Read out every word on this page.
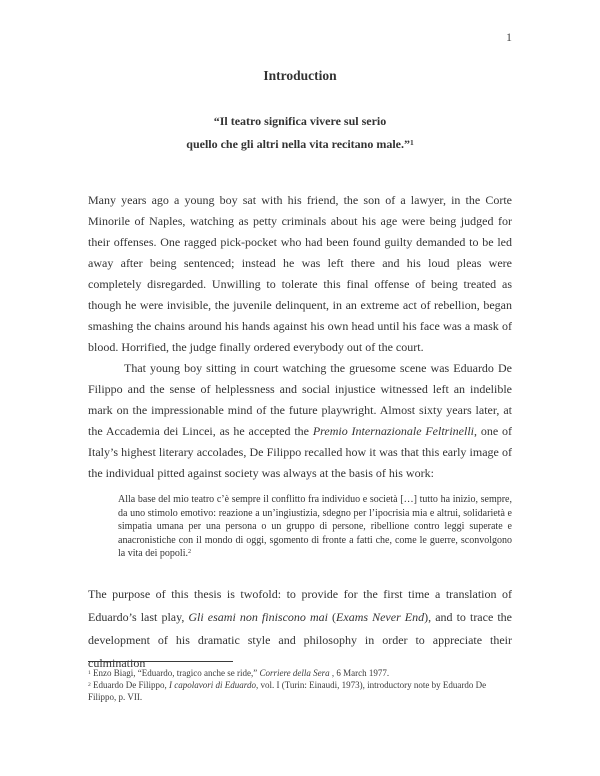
1
Introduction
“Il teatro significa vivere sul serio
quello che gli altri nella vita recitano male.”$^1$

Many years ago a young boy sat with his friend, the son of a lawyer, in the Corte Minorile of Naples, watching as petty criminals about his age were being judged for their offenses. One ragged pick-pocket who had been found guilty demanded to be led away after being sentenced; instead he was left there and his loud pleas were completely disregarded. Unwilling to tolerate this final offense of being treated as though he were invisible, the juvenile delinquent, in an extreme act of rebellion, began smashing the chains around his hands against his own head until his face was a mask of blood. Horrified, the judge finally ordered everybody out of the court.

That young boy sitting in court watching the gruesome scene was Eduardo De Filippo and the sense of helplessness and social injustice witnessed left an indelible mark on the impressionable mind of the future playwright. Almost sixty years later, at the Accademia dei Lincei, as he accepted the Premio Internazionale Feltrinelli, one of Italy’s highest literary accolades, De Filippo recalled how it was that this early image of the individual pitted against society was always at the basis of his work:

Alla base del mio teatro c’è sempre il conflitto fra individuo e società […] tutto ha inizio, sempre, da uno stimolo emotivo: reazione a un’ingiustizia, sdegno per l’ipocrisia mia e altrui, solidarietà e simpatia umana per una persona o un gruppo di persone, ribellione contro leggi superate e anacronistiche con il mondo di oggi, sgomento di fronte a fatti che, come le guerre, sconvolgono la vita dei popoli.$^2$

The purpose of this thesis is twofold: to provide for the first time a translation of Eduardo’s last play, Gli esami non finiscono mai (Exams Never End), and to trace the development of his dramatic style and philosophy in order to appreciate their culmination

$^1$ Enzo Biagi, “Eduardo, tragico anche se ride,” Corriere della Sera , 6 March 1977.
$^2$ Eduardo De Filippo, I capolavori di Eduardo, vol. I (Turin: Einaudi, 1973), introductory note by Eduardo De Filippo, p. VII.
